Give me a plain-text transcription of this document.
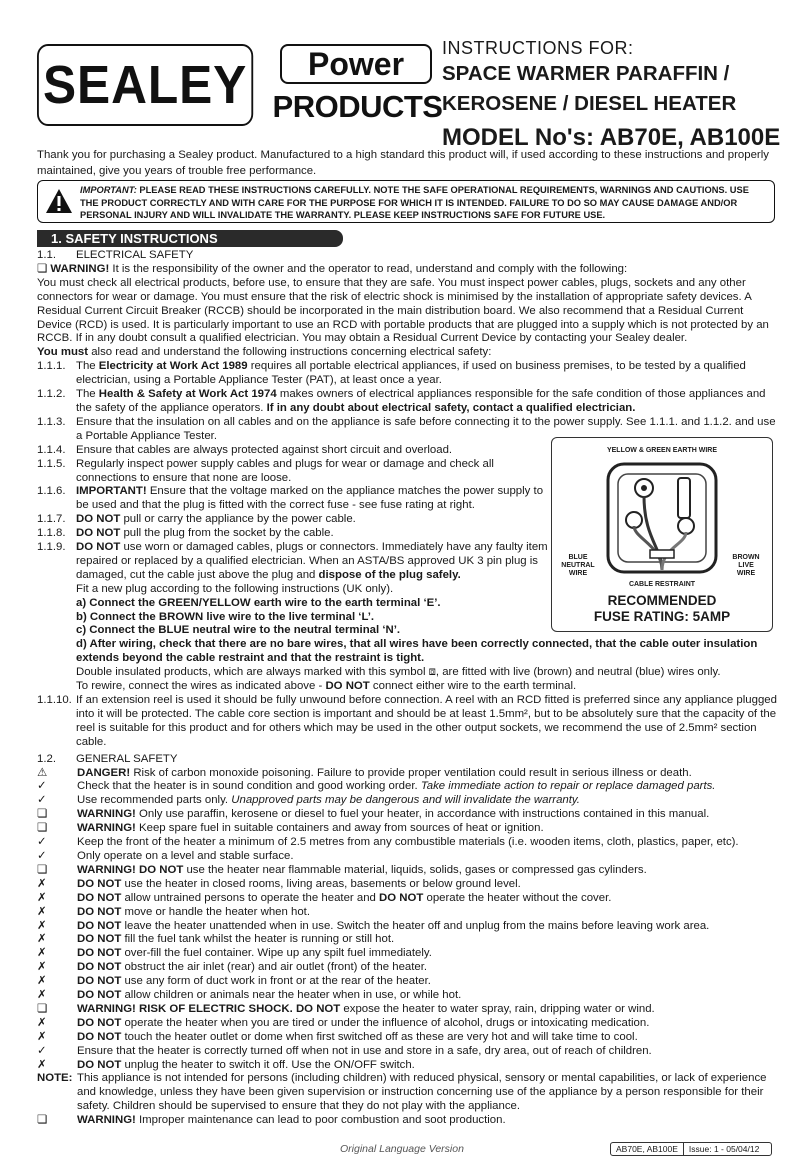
SEALEY	Power
PRODUCTS
INSTRUCTIONS FOR:
SPACE WARMER PARAFFIN /
KEROSENE / DIESEL HEATER
MODEL No's: AB70E, AB100E
Thank you for purchasing a Sealey product. Manufactured to a high standard this product will, if used according to these instructions and properly maintained, give you years of trouble free performance.
IMPORTANT: PLEASE READ THESE INSTRUCTIONS CAREFULLY. NOTE THE SAFE OPERATIONAL REQUIREMENTS, WARNINGS AND CAUTIONS. USE THE PRODUCT CORRECTLY AND WITH CARE FOR THE PURPOSE FOR WHICH IT IS INTENDED. FAILURE TO DO SO MAY CAUSE DAMAGE AND/OR PERSONAL INJURY AND WILL INVALIDATE THE WARRANTY. PLEASE KEEP INSTRUCTIONS SAFE FOR FUTURE USE.
1. SAFETY INSTRUCTIONS
1.1.	ELECTRICAL SAFETY
❏ WARNING! It is the responsibility of the owner and the operator to read, understand and comply with the following:
You must check all electrical products, before use, to ensure that they are safe. You must inspect power cables, plugs, sockets and any other connectors for wear or damage. You must ensure that the risk of electric shock is minimised by the installation of appropriate safety devices. A Residual Current Circuit Breaker (RCCB) should be incorporated in the main distribution board. We also recommend that a Residual Current Device (RCD) is used. It is particularly important to use an RCD with portable products that are plugged into a supply which is not protected by an RCCB. If in any doubt consult a qualified electrician. You may obtain a Residual Current Device by contacting your Sealey dealer.
You must also read and understand the following instructions concerning electrical safety:
1.1.1. The Electricity at Work Act 1989 requires all portable electrical appliances, if used on business premises, to be tested by a qualified electrician, using a Portable Appliance Tester (PAT), at least once a year.
1.1.2. The Health & Safety at Work Act 1974 makes owners of electrical appliances responsible for the safe condition of those appliances and the safety of the appliance operators. If in any doubt about electrical safety, contact a qualified electrician.
1.1.3. Ensure that the insulation on all cables and on the appliance is safe before connecting it to the power supply. See 1.1.1. and 1.1.2. and use a Portable Appliance Tester.
1.1.4. Ensure that cables are always protected against short circuit and overload.
1.1.5. Regularly inspect power supply cables and plugs for wear or damage and check all connections to ensure that none are loose.
1.1.6. IMPORTANT! Ensure that the voltage marked on the appliance matches the power supply to be used and that the plug is fitted with the correct fuse - see fuse rating at right.
1.1.7. DO NOT pull or carry the appliance by the power cable.
1.1.8. DO NOT pull the plug from the socket by the cable.
1.1.9. DO NOT use worn or damaged cables, plugs or connectors. Immediately have any faulty item repaired or replaced by a qualified electrician. When an ASTA/BS approved UK 3 pin plug is damaged, cut the cable just above the plug and dispose of the plug safely.
Fit a new plug according to the following instructions (UK only).
a) Connect the GREEN/YELLOW earth wire to the earth terminal ‘E’.
b) Connect the BROWN live wire to the live terminal ‘L’.
c) Connect the BLUE neutral wire to the neutral terminal ‘N’.
d) After wiring, check that there are no bare wires, that all wires have been correctly connected, that the cable outer insulation extends beyond the cable restraint and that the restraint is tight.
Double insulated products, which are always marked with this symbol ⧈, are fitted with live (brown) and neutral (blue) wires only.
To rewire, connect the wires as indicated above - DO NOT connect either wire to the earth terminal.
1.1.10. If an extension reel is used it should be fully unwound before connection. A reel with an RCD fitted is preferred since any appliance plugged into it will be protected. The cable core section is important and should be at least 1.5mm², but to be absolutely sure that the capacity of the reel is suitable for this product and for others which may be used in the other output sockets, we recommend the use of 2.5mm² section cable.
1.2.	GENERAL SAFETY
⚠	DANGER! Risk of carbon monoxide poisoning. Failure to provide proper ventilation could result in serious illness or death.
✓	Check that the heater is in sound condition and good working order. Take immediate action to repair or replace damaged parts.
✓	Use recommended parts only. Unapproved parts may be dangerous and will invalidate the warranty.
❏	WARNING! Only use paraffin, kerosene or diesel to fuel your heater, in accordance with instructions contained in this manual.
❏	WARNING! Keep spare fuel in suitable containers and away from sources of heat or ignition.
✓	Keep the front of the heater a minimum of 2.5 metres from any combustible materials (i.e. wooden items, cloth, plastics, paper, etc).
✓	Only operate on a level and stable surface.
❏	WARNING! DO NOT use the heater near flammable material, liquids, solids, gases or compressed gas cylinders.
✗	DO NOT use the heater in closed rooms, living areas, basements or below ground level.
✗	DO NOT allow untrained persons to operate the heater and DO NOT operate the heater without the cover.
✗	DO NOT move or handle the heater when hot.
✗	DO NOT leave the heater unattended when in use. Switch the heater off and unplug from the mains before leaving work area.
✗	DO NOT fill the fuel tank whilst the heater is running or still hot.
✗	DO NOT over-fill the fuel container. Wipe up any spilt fuel immediately.
✗	DO NOT obstruct the air inlet (rear) and air outlet (front) of the heater.
✗	DO NOT use any form of duct work in front or at the rear of the heater.
✗	DO NOT allow children or animals near the heater when in use, or while hot.
❏	WARNING! RISK OF ELECTRIC SHOCK. DO NOT expose the heater to water spray, rain, dripping water or wind.
✗	DO NOT operate the heater when you are tired or under the influence of alcohol, drugs or intoxicating medication.
✗	DO NOT touch the heater outlet or dome when first switched off as these are very hot and will take time to cool.
✓	Ensure that the heater is correctly turned off when not in use and store in a safe, dry area, out of reach of children.
✗	DO NOT unplug the heater to switch it off. Use the ON/OFF switch.
NOTE: This appliance is not intended for persons (including children) with reduced physical, sensory or mental capabilities, or lack of experience and knowledge, unless they have been given supervision or instruction concerning use of the appliance by a person responsible for their safety. Children should be supervised to ensure that they do not play with the appliance.
❏	WARNING! Improper maintenance can lead to poor combustion and soot production.
YELLOW & GREEN EARTH WIRE
BLUE
NEUTRAL
WIRE
BROWN
LIVE
WIRE
CABLE RESTRAINT
RECOMMENDED
FUSE RATING: 5AMP
Original Language Version	AB70E, AB100E	Issue: 1 - 05/04/12
